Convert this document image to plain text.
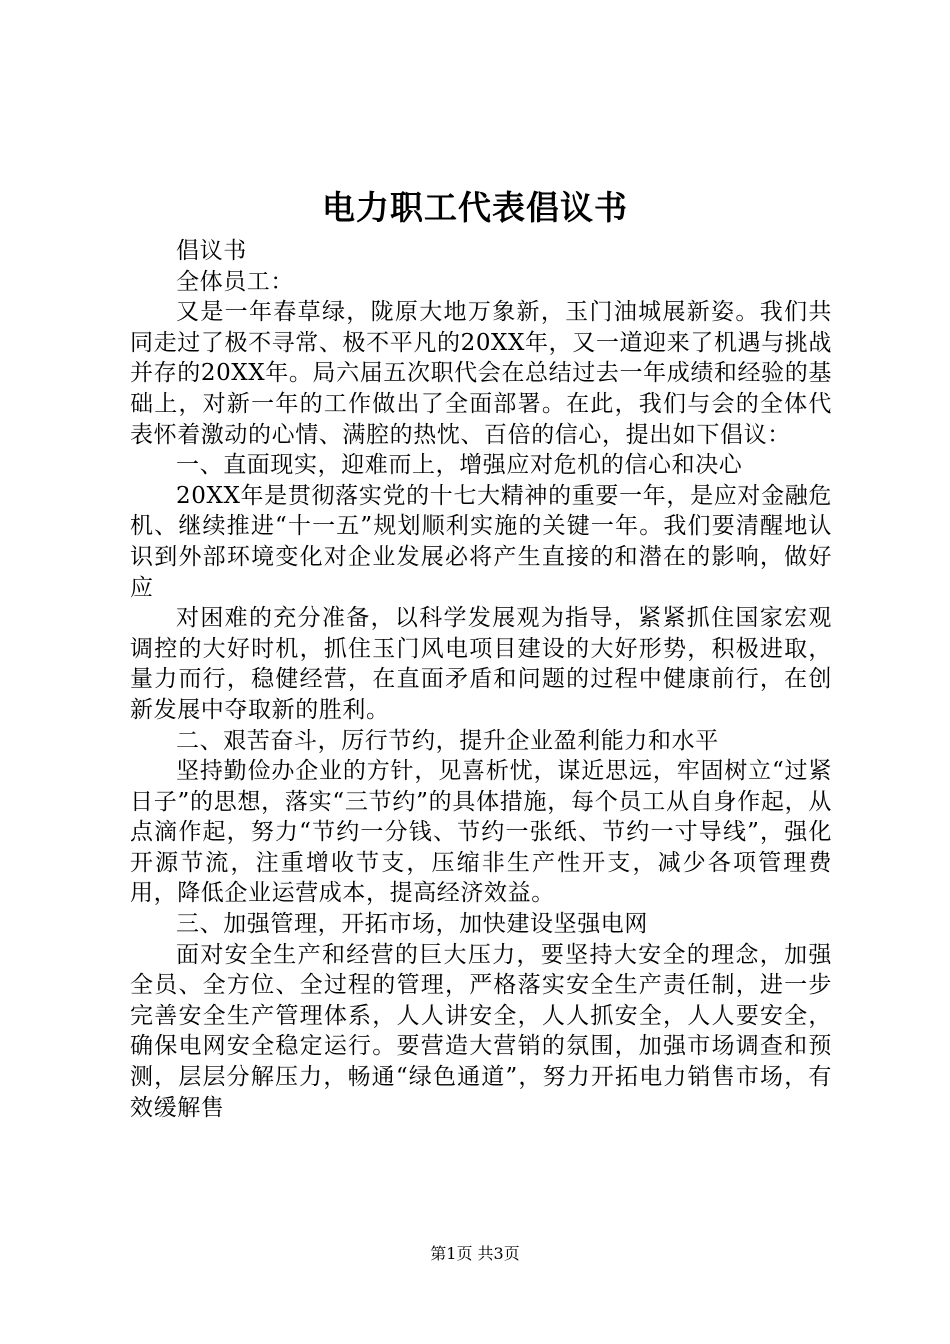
电力职工代表倡议书

倡议书

全体员工：

又是一年春草绿，陇原大地万象新，玉门油城展新姿。我们共同走过了极不寻常、极不平凡的20XX年，又一道迎来了机遇与挑战并存的20XX年。局六届五次职代会在总结过去一年成绩和经验的基础上，对新一年的工作做出了全面部署。在此，我们与会的全体代表怀着激动的心情、满腔的热忱、百倍的信心，提出如下倡议：

一、直面现实，迎难而上，增强应对危机的信心和决心

20XX年是贯彻落实党的十七大精神的重要一年，是应对金融危机、继续推进“十一五”规划顺利实施的关键一年。我们要清醒地认识到外部环境变化对企业发展必将产生直接的和潜在的影响，做好应

对困难的充分准备，以科学发展观为指导，紧紧抓住国家宏观调控的大好时机，抓住玉门风电项目建设的大好形势，积极进取，量力而行，稳健经营，在直面矛盾和问题的过程中健康前行，在创新发展中夺取新的胜利。

二、艰苦奋斗，厉行节约，提升企业盈利能力和水平

坚持勤俭办企业的方针，见喜析忧，谋近思远，牢固树立“过紧日子”的思想，落实“三节约”的具体措施，每个员工从自身作起，从点滴作起，努力“节约一分钱、节约一张纸、节约一寸导线”，强化开源节流，注重增收节支，压缩非生产性开支，减少各项管理费用，降低企业运营成本，提高经济效益。

三、加强管理，开拓市场，加快建设坚强电网

面对安全生产和经营的巨大压力，要坚持大安全的理念，加强全员、全方位、全过程的管理，严格落实安全生产责任制，进一步完善安全生产管理体系，人人讲安全，人人抓安全，人人要安全，确保电网安全稳定运行。要营造大营销的氛围，加强市场调查和预测，层层分解压力，畅通“绿色通道”，努力开拓电力销售市场，有效缓解售

第1页 共3页
